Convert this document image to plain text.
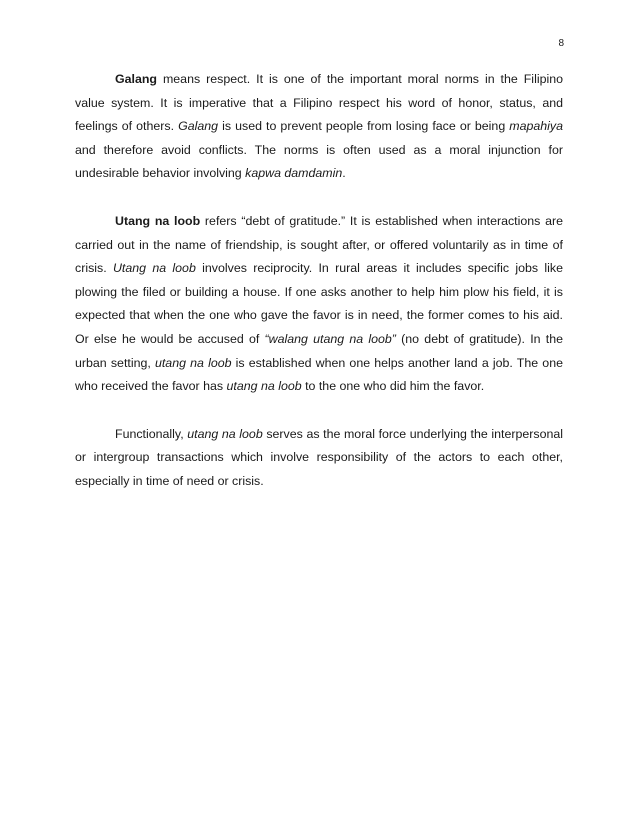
8

Galang means respect. It is one of the important moral norms in the Filipino value system. It is imperative that a Filipino respect his word of honor, status, and feelings of others. Galang is used to prevent people from losing face or being mapahiya and therefore avoid conflicts. The norms is often used as a moral injunction for undesirable behavior involving kapwa damdamin.

Utang na loob refers “debt of gratitude.” It is established when interactions are carried out in the name of friendship, is sought after, or offered voluntarily as in time of crisis. Utang na loob involves reciprocity. In rural areas it includes specific jobs like plowing the filed or building a house. If one asks another to help him plow his field, it is expected that when the one who gave the favor is in need, the former comes to his aid. Or else he would be accused of “walang utang na loob” (no debt of gratitude). In the urban setting, utang na loob is established when one helps another land a job. The one who received the favor has utang na loob to the one who did him the favor.

Functionally, utang na loob serves as the moral force underlying the interpersonal or intergroup transactions which involve responsibility of the actors to each other, especially in time of need or crisis.
